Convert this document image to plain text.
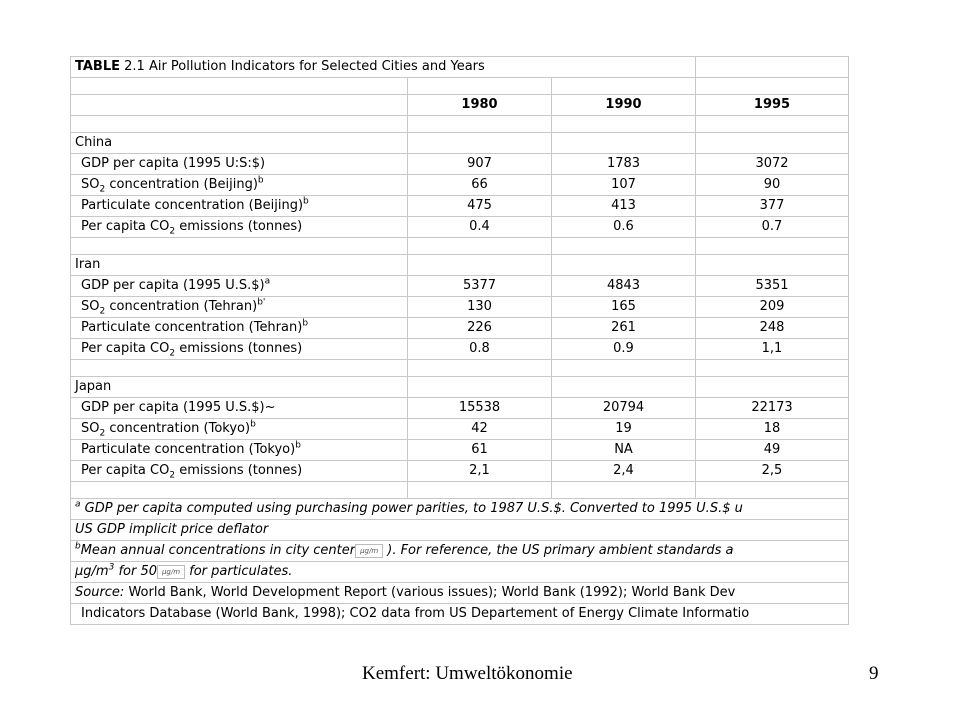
TABLE 2.1 Air Pollution Indicators for Selected Cities and Years			

	1980	1990	1995

China			
GDP per capita (1995 U:S:$)	907	1783	3072
$SO_2$ concentration (Beijing)$^b$	66	107	90
Particulate concentration (Beijing)$^b$	475	413	377
Per capita $CO_2$ emissions (tonnes)	0.4	0.6	0.7

Iran			
GDP per capita (1995 U.S.$)$^a$	5377	4843	5351
$SO_2$ concentration (Tehran)$^{b'}$	130	165	209
Particulate concentration (Tehran)$^b$	226	261	248
Per capita $CO_2$ emissions (tonnes)	0.8	0.9	1,1

Japan			
GDP per capita (1995 U.S.$)~	15538	20794	22173
$SO_2$ concentration (Tokyo)$^b$	42	19	18
Particulate concentration (Tokyo)$^b$	61	NA	49
Per capita $CO_2$ emissions (tonnes)	2,1	2,4	2,5

$^a$ GDP per capita computed using purchasing power parities, to 1987 U.S.$. Converted to 1995 U.S.$ u			
US GDP implicit price deflator			
$^b$Mean annual concentrations in city center μg/m ). For reference, the US primary ambient standards a			
$\mu g/m^3$ for 50 μg/m for particulates.			
Source: World Bank, World Development Report (various issues); World Bank (1992); World Bank Dev			
Indicators Database (World Bank, 1998); CO2 data from US Departement of Energy Climate Informatio			
Kemfert: Umweltökonomie	9
